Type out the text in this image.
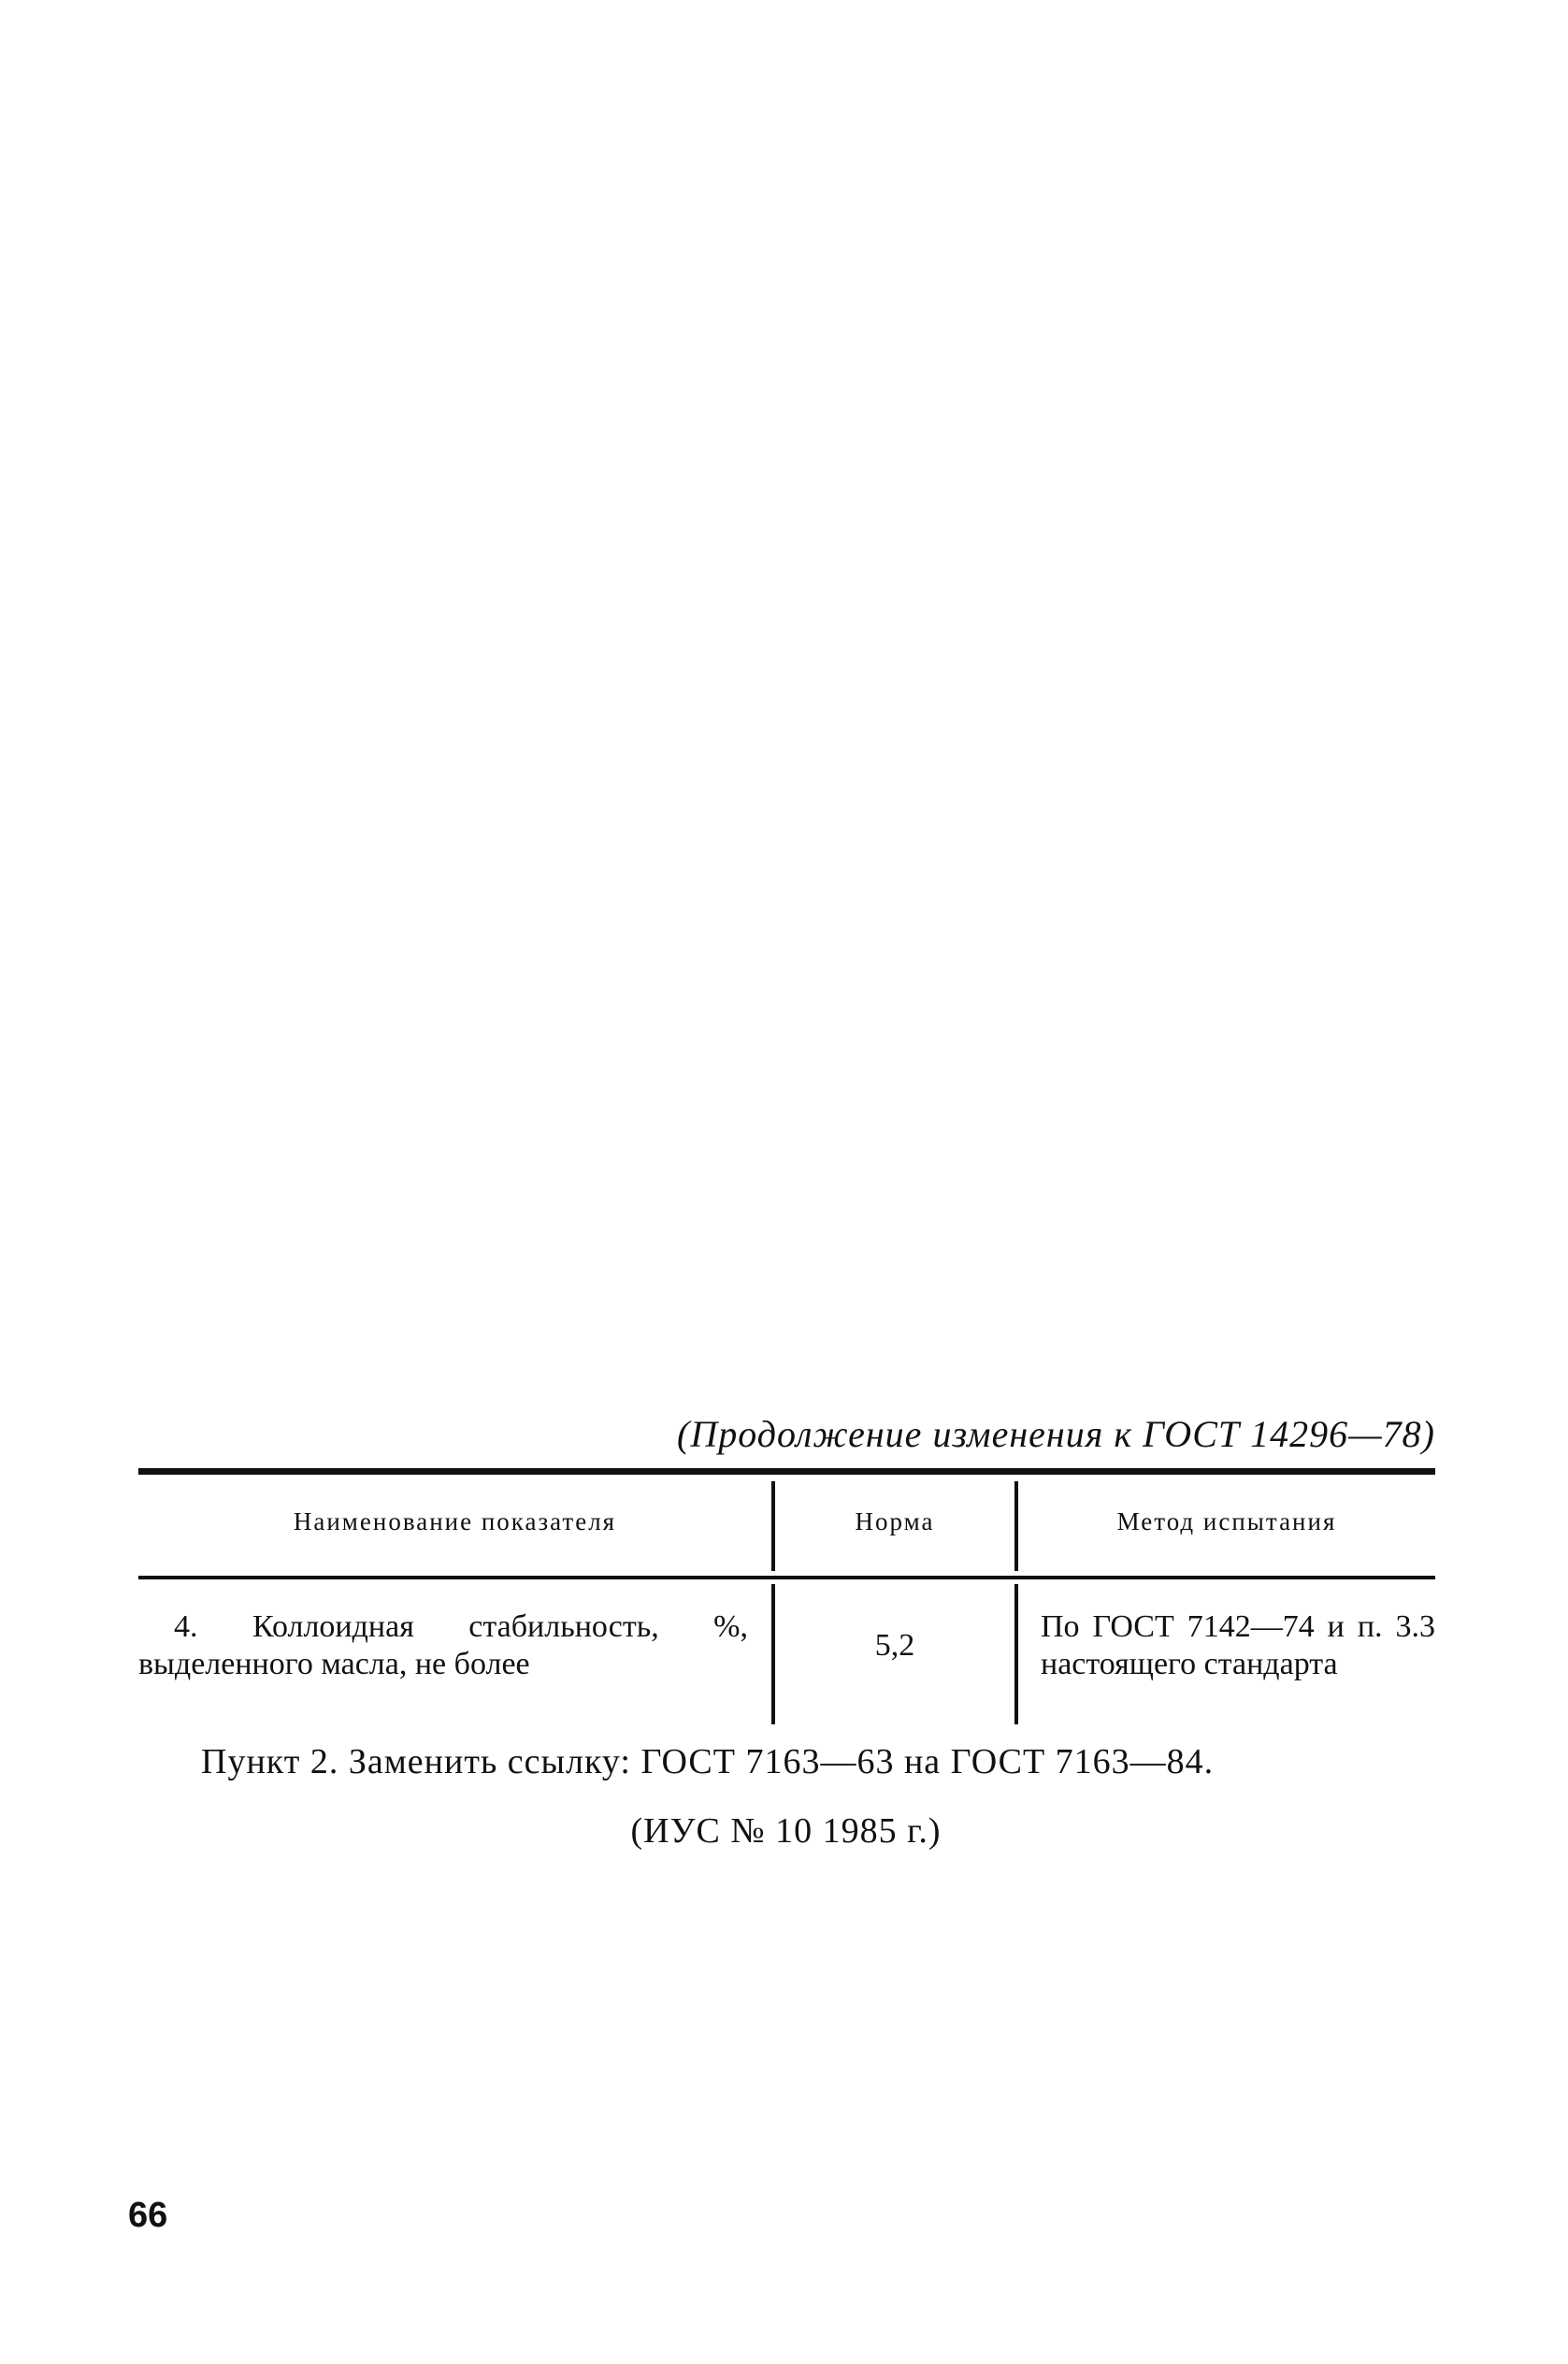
(Продолжение изменения к ГОСТ 14296—78)
Наименование показателя	Норма	Метод испытания
4. Коллоидная стабильность, %,
выделенного масла, не более
5,2
По ГОСТ 7142—74 и п. 3.3 настоящего стандарта
Пункт 2. Заменить ссылку: ГОСТ 7163—63 на ГОСТ 7163—84.
(ИУС № 10 1985 г.)
66
